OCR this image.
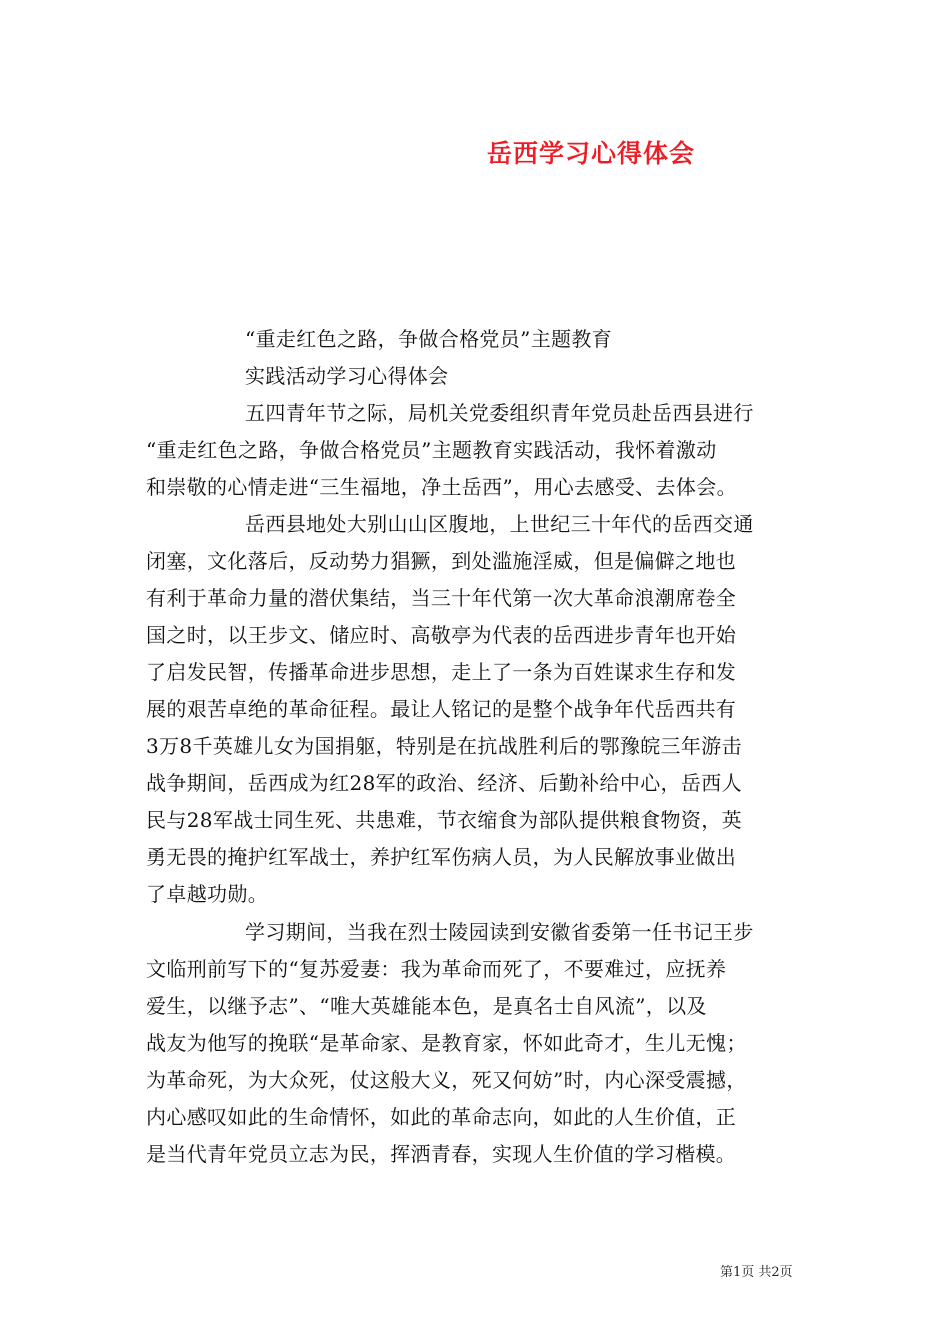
岳西学习心得体会
“重走红色之路，争做合格党员”主题教育
实践活动学习心得体会
五四青年节之际，局机关党委组织青年党员赴岳西县进行
“重走红色之路，争做合格党员”主题教育实践活动，我怀着激动
和崇敬的心情走进“三生福地，净土岳西”，用心去感受、去体会。
岳西县地处大别山山区腹地，上世纪三十年代的岳西交通
闭塞，文化落后，反动势力猖獗，到处滥施淫威，但是偏僻之地也
有利于革命力量的潜伏集结，当三十年代第一次大革命浪潮席卷全
国之时，以王步文、储应时、高敬亭为代表的岳西进步青年也开始
了启发民智，传播革命进步思想，走上了一条为百姓谋求生存和发
展的艰苦卓绝的革命征程。最让人铭记的是整个战争年代岳西共有
3万8千英雄儿女为国捐躯，特别是在抗战胜利后的鄂豫皖三年游击
战争期间，岳西成为红28军的政治、经济、后勤补给中心，岳西人
民与28军战士同生死、共患难，节衣缩食为部队提供粮食物资，英
勇无畏的掩护红军战士，养护红军伤病人员，为人民解放事业做出
了卓越功勋。
学习期间，当我在烈士陵园读到安徽省委第一任书记王步
文临刑前写下的“复苏爱妻：我为革命而死了，不要难过，应抚养
爱生，以继予志”、“唯大英雄能本色，是真名士自风流”，以及
战友为他写的挽联“是革命家、是教育家，怀如此奇才，生儿无愧；
为革命死，为大众死，仗这般大义，死又何妨”时，内心深受震撼，
内心感叹如此的生命情怀，如此的革命志向，如此的人生价值，正
是当代青年党员立志为民，挥洒青春，实现人生价值的学习楷模。
第1页 共2页
